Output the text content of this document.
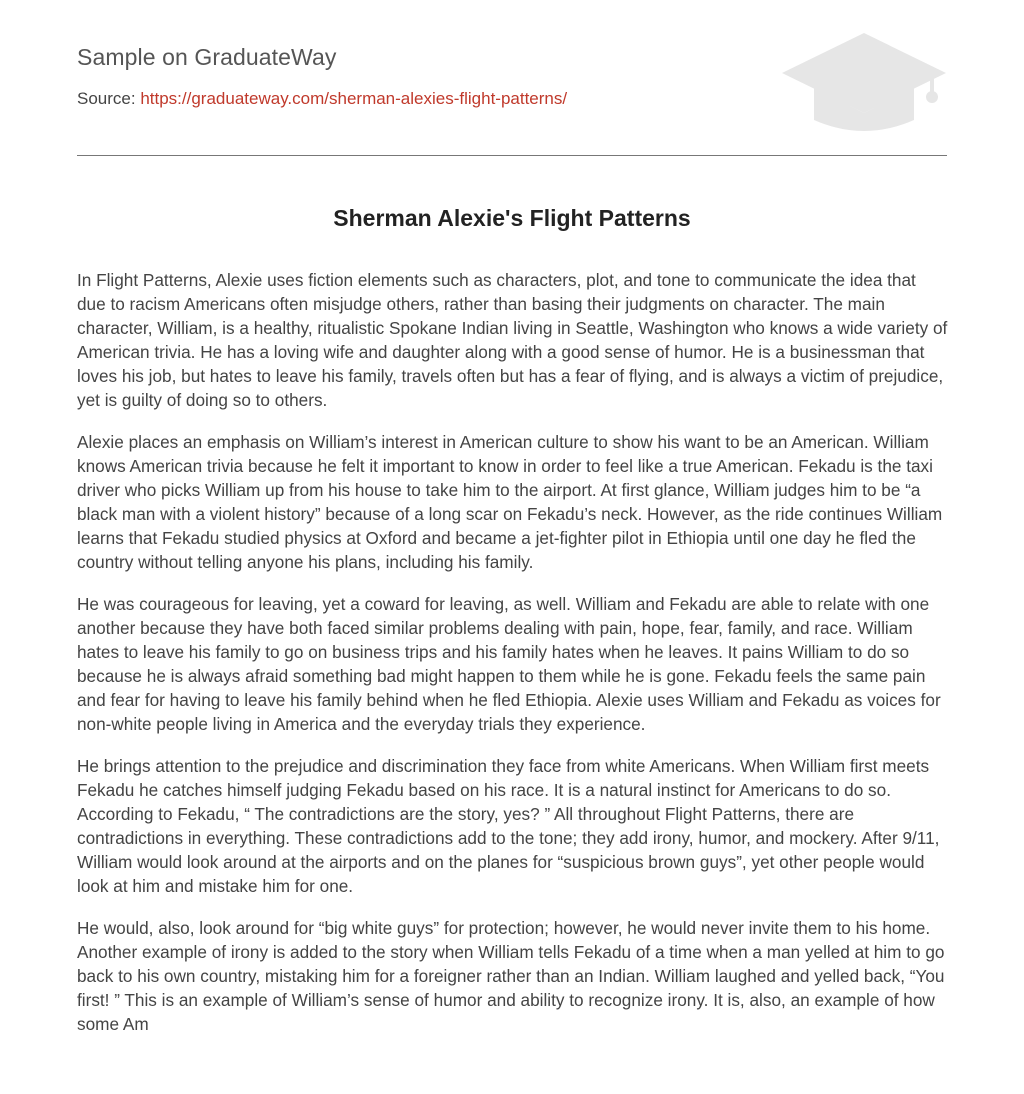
Sample on GraduateWay
Source: https://graduateway.com/sherman-alexies-flight-patterns/
Sherman Alexie's Flight Patterns

In Flight Patterns, Alexie uses fiction elements such as characters, plot, and tone to communicate the idea that due to racism Americans often misjudge others, rather than basing their judgments on character. The main character, William, is a healthy, ritualistic Spokane Indian living in Seattle, Washington who knows a wide variety of American trivia. He has a loving wife and daughter along with a good sense of humor. He is a businessman that loves his job, but hates to leave his family, travels often but has a fear of flying, and is always a victim of prejudice, yet is guilty of doing so to others.

Alexie places an emphasis on William’s interest in American culture to show his want to be an American. William knows American trivia because he felt it important to know in order to feel like a true American. Fekadu is the taxi driver who picks William up from his house to take him to the airport. At first glance, William judges him to be “a black man with a violent history” because of a long scar on Fekadu’s neck. However, as the ride continues William learns that Fekadu studied physics at Oxford and became a jet-fighter pilot in Ethiopia until one day he fled the country without telling anyone his plans, including his family.

He was courageous for leaving, yet a coward for leaving, as well. William and Fekadu are able to relate with one another because they have both faced similar problems dealing with pain, hope, fear, family, and race. William hates to leave his family to go on business trips and his family hates when he leaves. It pains William to do so because he is always afraid something bad might happen to them while he is gone. Fekadu feels the same pain and fear for having to leave his family behind when he fled Ethiopia. Alexie uses William and Fekadu as voices for non-white people living in America and the everyday trials they experience.

He brings attention to the prejudice and discrimination they face from white Americans. When William first meets Fekadu he catches himself judging Fekadu based on his race. It is a natural instinct for Americans to do so. According to Fekadu, “ The contradictions are the story, yes? ” All throughout Flight Patterns, there are contradictions in everything. These contradictions add to the tone; they add irony, humor, and mockery. After 9/11, William would look around at the airports and on the planes for “suspicious brown guys”, yet other people would look at him and mistake him for one.

He would, also, look around for “big white guys” for protection; however, he would never invite them to his home. Another example of irony is added to the story when William tells Fekadu of a time when a man yelled at him to go back to his own country, mistaking him for a foreigner rather than an Indian. William laughed and yelled back, “You first! ” This is an example of William’s sense of humor and ability to recognize irony. It is, also, an example of how some Am
